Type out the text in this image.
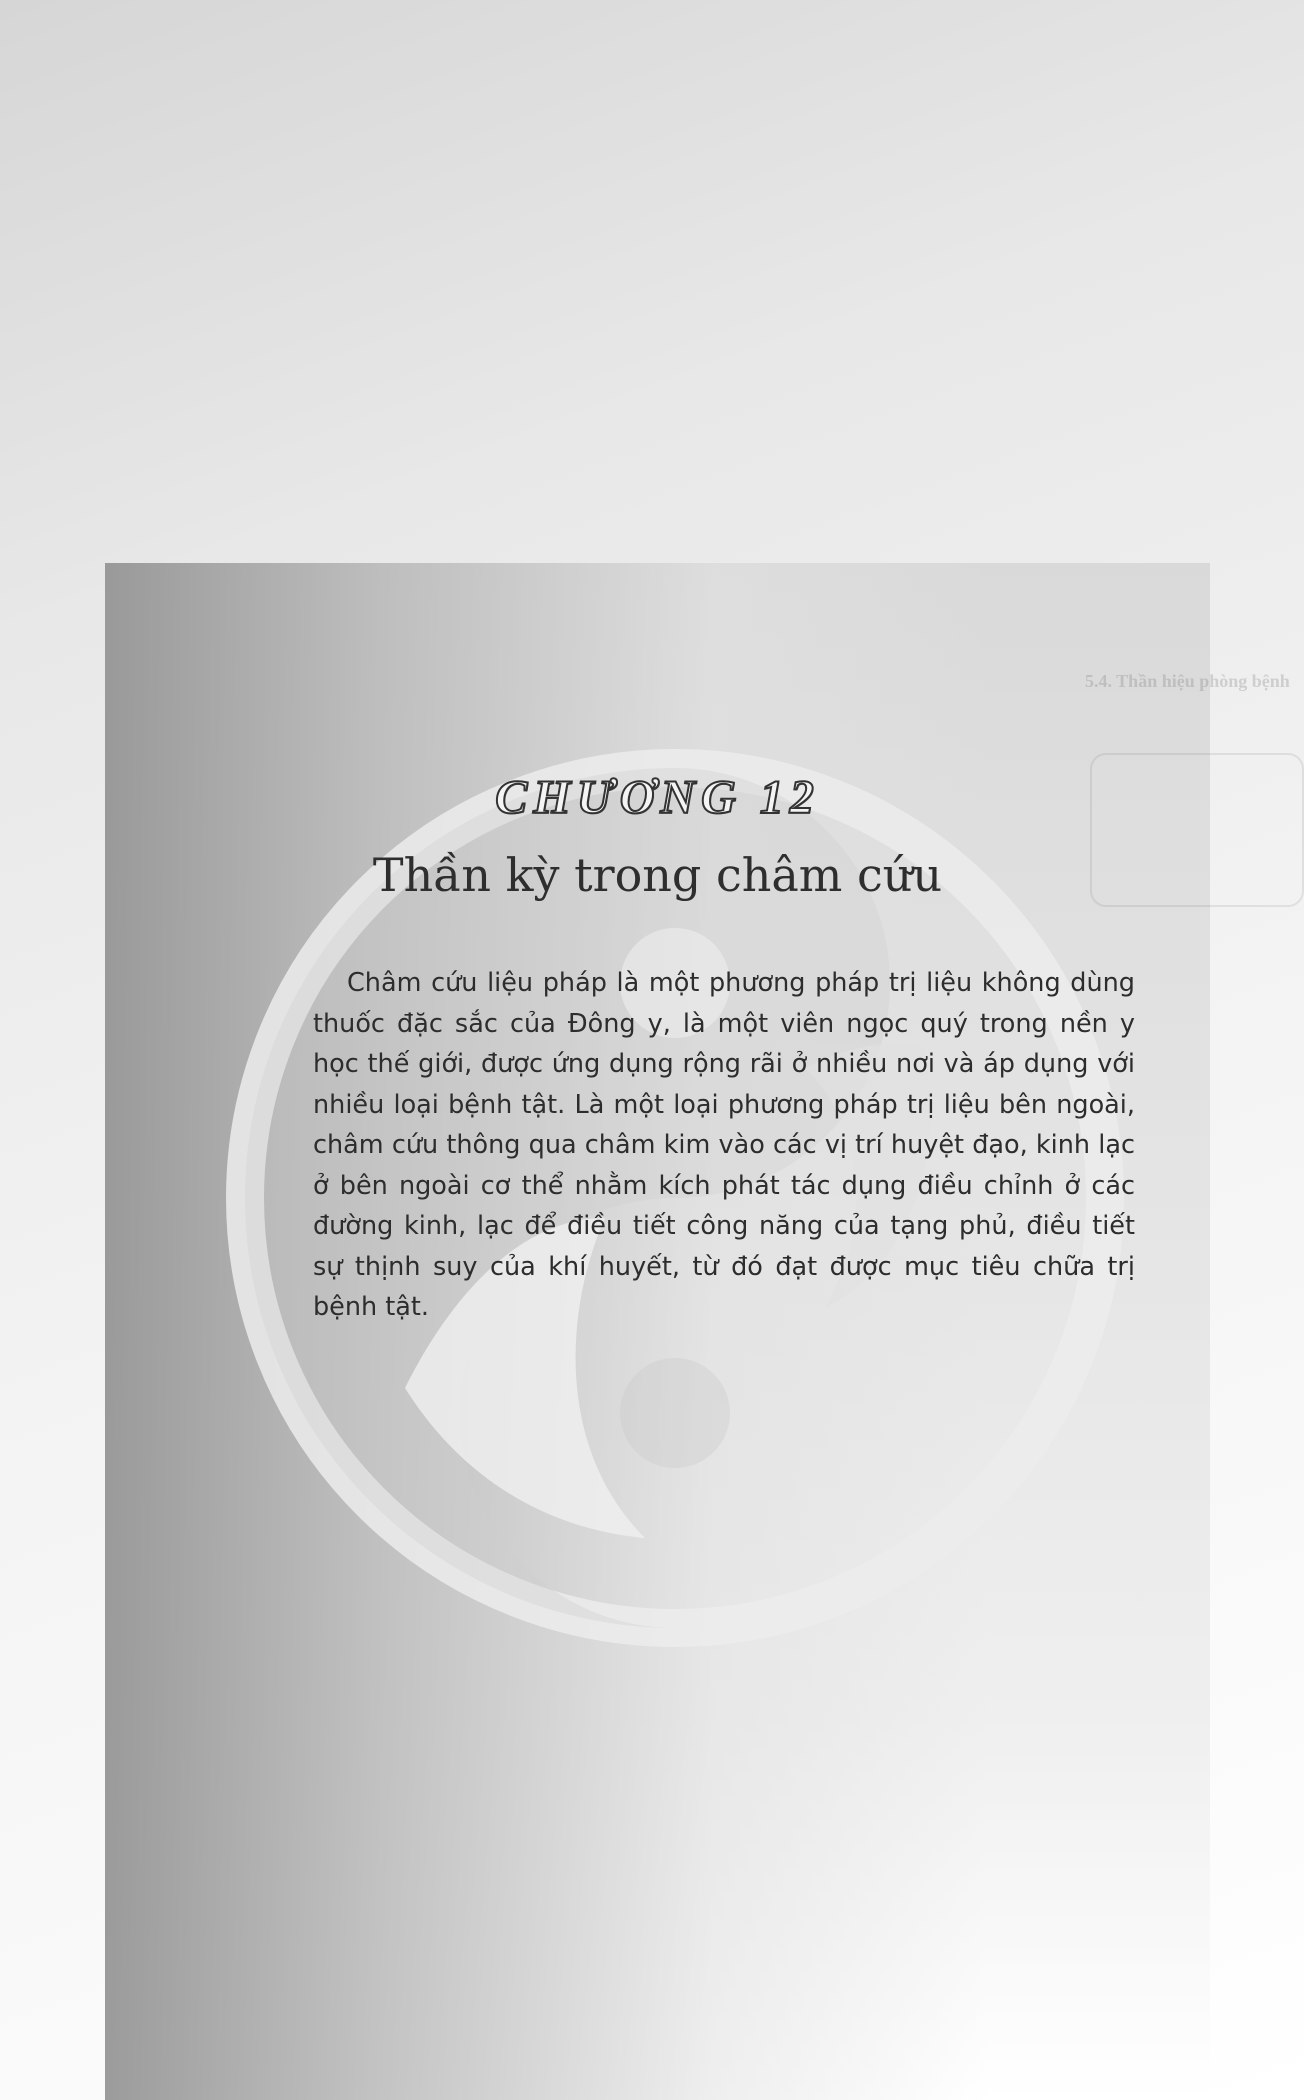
5.4. Thần hiệu phòng bệnh
CHƯƠNG 12
Thần kỳ trong châm cứu

Châm cứu liệu pháp là một phương pháp trị liệu không dùng thuốc đặc sắc của Đông y, là một viên ngọc quý trong nền y học thế giới, được ứng dụng rộng rãi ở nhiều nơi và áp dụng với nhiều loại bệnh tật. Là một loại phương pháp trị liệu bên ngoài, châm cứu thông qua châm kim vào các vị trí huyệt đạo, kinh lạc ở bên ngoài cơ thể nhằm kích phát tác dụng điều chỉnh ở các đường kinh, lạc để điều tiết công năng của tạng phủ, điều tiết sự thịnh suy của khí huyết, từ đó đạt được mục tiêu chữa trị bệnh tật.
